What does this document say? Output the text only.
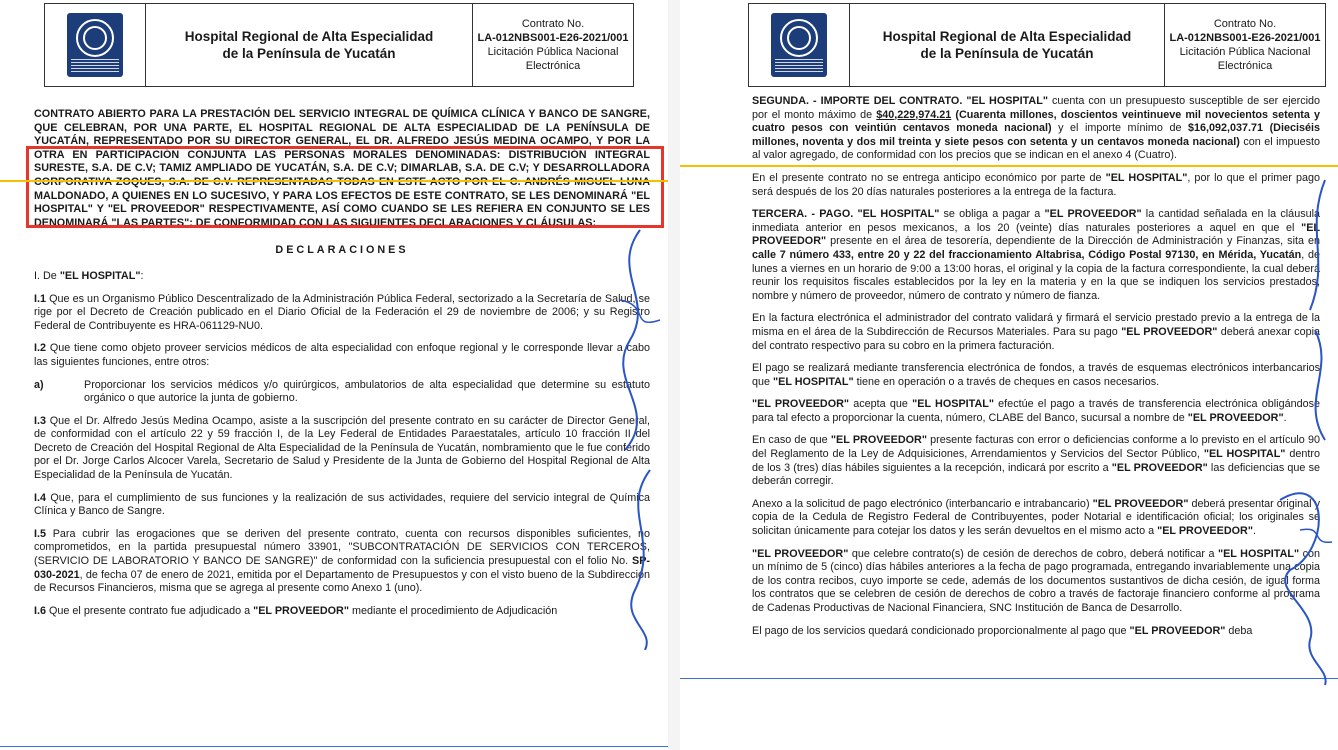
Hospital Regional de Alta Especialidad
de la Península de Yucatán
Contrato No.
LA-012NBS001-E26-2021/001
Licitación Pública Nacional
Electrónica

CONTRATO ABIERTO PARA LA PRESTACIÓN DEL SERVICIO INTEGRAL DE QUÍMICA CLÍNICA Y BANCO DE SANGRE, QUE CELEBRAN, POR UNA PARTE, EL HOSPITAL REGIONAL DE ALTA ESPECIALIDAD DE LA PENÍNSULA DE YUCATÁN, REPRESENTADO POR SU DIRECTOR GENERAL, EL DR. ALFREDO JESÚS MEDINA OCAMPO, Y POR LA OTRA EN PARTICIPACIÓN CONJUNTA LAS PERSONAS MORALES DENOMINADAS: DISTRIBUCIÓN INTEGRAL SURESTE, S.A. DE C.V; TAMIZ AMPLIADO DE YUCATÁN, S.A. DE C.V; DIMARLAB, S.A. DE C.V; Y DESARROLLADORA MALDONADO, A QUIENES EN LO SUCESIVO, Y PARA LOS EFECTOS DE ESTE CONTRATO, SE LES DENOMINARÁ "EL HOSPITAL" Y "EL PROVEEDOR" RESPECTIVAMENTE, ASÍ COMO CUANDO SE LES REFIERA EN CONJUNTO SE LES DENOMINARÁ "LAS PARTES"; DE CONFORMIDAD CON LAS SIGUIENTES DECLARACIONES Y CLÁUSULAS:

DECLARACIONES

I. De "EL HOSPITAL":

I.1 Que es un Organismo Público Descentralizado de la Administración Pública Federal, sectorizado a la Secretaría de Salud, se rige por el Decreto de Creación publicado en el Diario Oficial de la Federación el 29 de noviembre de 2006; y su Registro Federal de Contribuyente es HRA-061129-NU0.

I.2 Que tiene como objeto proveer servicios médicos de alta especialidad con enfoque regional y le corresponde llevar a cabo las siguientes funciones, entre otros:

a)	Proporcionar los servicios médicos y/o quirúrgicos, ambulatorios de alta especialidad que determine su estatuto orgánico o que autorice la junta de gobierno.

I.3 Que el Dr. Alfredo Jesús Medina Ocampo, asiste a la suscripción del presente contrato en su carácter de Director General, de conformidad con el artículo 22 y 59 fracción I, de la Ley Federal de Entidades Paraestatales, artículo 10 fracción II del Decreto de Creación del Hospital Regional de Alta Especialidad de la Península de Yucatán, nombramiento que le fue conferido por el Dr. Jorge Carlos Alcocer Varela, Secretario de Salud y Presidente de la Junta de Gobierno del Hospital Regional de Alta Especialidad de la Península de Yucatán.

I.4 Que, para el cumplimiento de sus funciones y la realización de sus actividades, requiere del servicio integral de Química Clínica y Banco de Sangre.

I.5 Para cubrir las erogaciones que se deriven del presente contrato, cuenta con recursos disponibles suficientes, no comprometidos, en la partida presupuestal número 33901, "SUBCONTRATACIÓN DE SERVICIOS CON TERCEROS, (SERVICIO DE LABORATORIO Y BANCO DE SANGRE)" de conformidad con la suficiencia presupuestal con el folio No. SP-030-2021, de fecha 07 de enero de 2021, emitida por el Departamento de Presupuestos y con el visto bueno de la Subdirección de Recursos Financieros, misma que se agrega al presente como Anexo 1 (uno).

I.6 Que el presente contrato fue adjudicado a "EL PROVEEDOR" mediante el procedimiento de Adjudicación

Hospital Regional de Alta Especialidad
de la Península de Yucatán
Contrato No.
LA-012NBS001-E26-2021/001
Licitación Pública Nacional
Electrónica

SEGUNDA. - IMPORTE DEL CONTRATO. "EL HOSPITAL" cuenta con un presupuesto susceptible de ser ejercido por el monto máximo de $40,229,974.21 (Cuarenta millones, doscientos veintinueve mil novecientos setenta y cuatro pesos con veintiún centavos moneda nacional) y el importe mínimo de $16,092,037.71 (Dieciséis millones, noventa y dos mil treinta y siete pesos con setenta y un centavos moneda nacional) con el impuesto al valor agregado, de conformidad con los precios que se indican en el anexo 4 (Cuatro).

En el presente contrato no se entrega anticipo económico por parte de "EL HOSPITAL", por lo que el primer pago será después de los 20 días naturales posteriores a la entrega de la factura.

TERCERA. - PAGO. "EL HOSPITAL" se obliga a pagar a "EL PROVEEDOR" la cantidad señalada en la cláusula inmediata anterior en pesos mexicanos, a los 20 (veinte) días naturales posteriores a aquel en que el "EL PROVEEDOR" presente en el área de tesorería, dependiente de la Dirección de Administración y Finanzas, sita en calle 7 número 433, entre 20 y 22 del fraccionamiento Altabrisa, Código Postal 97130, en Mérida, Yucatán, de lunes a viernes en un horario de 9:00 a 13:00 horas, el original y la copia de la factura correspondiente, la cual deberá reunir los requisitos fiscales establecidos por la ley en la materia y en la que se indiquen los servicios prestados, nombre y número de proveedor, número de contrato y número de fianza.

En la factura electrónica el administrador del contrato validará y firmará el servicio prestado previo a la entrega de la misma en el área de la Subdirección de Recursos Materiales. Para su pago "EL PROVEEDOR" deberá anexar copia del contrato respectivo para su cobro en la primera facturación.

El pago se realizará mediante transferencia electrónica de fondos, a través de esquemas electrónicos interbancarios que "EL HOSPITAL" tiene en operación o a través de cheques en casos necesarios.

"EL PROVEEDOR" acepta que "EL HOSPITAL" efectúe el pago a través de transferencia electrónica obligándose para tal efecto a proporcionar la cuenta, número, CLABE del Banco, sucursal a nombre de "EL PROVEEDOR".

En caso de que "EL PROVEEDOR" presente facturas con error o deficiencias conforme a lo previsto en el artículo 90 del Reglamento de la Ley de Adquisiciones, Arrendamientos y Servicios del Sector Público, "EL HOSPITAL" dentro de los 3 (tres) días hábiles siguientes a la recepción, indicará por escrito a "EL PROVEEDOR" las deficiencias que se deberán corregir.

Anexo a la solicitud de pago electrónico (interbancario e intrabancario) "EL PROVEEDOR" deberá presentar original y copia de la Cedula de Registro Federal de Contribuyentes, poder Notarial e identificación oficial; los originales se solicitan únicamente para cotejar los datos y les serán devueltos en el mismo acto a "EL PROVEEDOR".

"EL PROVEEDOR" que celebre contrato(s) de cesión de derechos de cobro, deberá notificar a "EL HOSPITAL" con un mínimo de 5 (cinco) días hábiles anteriores a la fecha de pago programada, entregando invariablemente una copia de los contra recibos, cuyo importe se cede, además de los documentos sustantivos de dicha cesión, de igual forma los contratos que se celebren de cesión de derechos de cobro a través de factoraje financiero conforme al programa de Cadenas Productivas de Nacional Financiera, SNC Institución de Banca de Desarrollo.

El pago de los servicios quedará condicionado proporcionalmente al pago que "EL PROVEEDOR" deba
